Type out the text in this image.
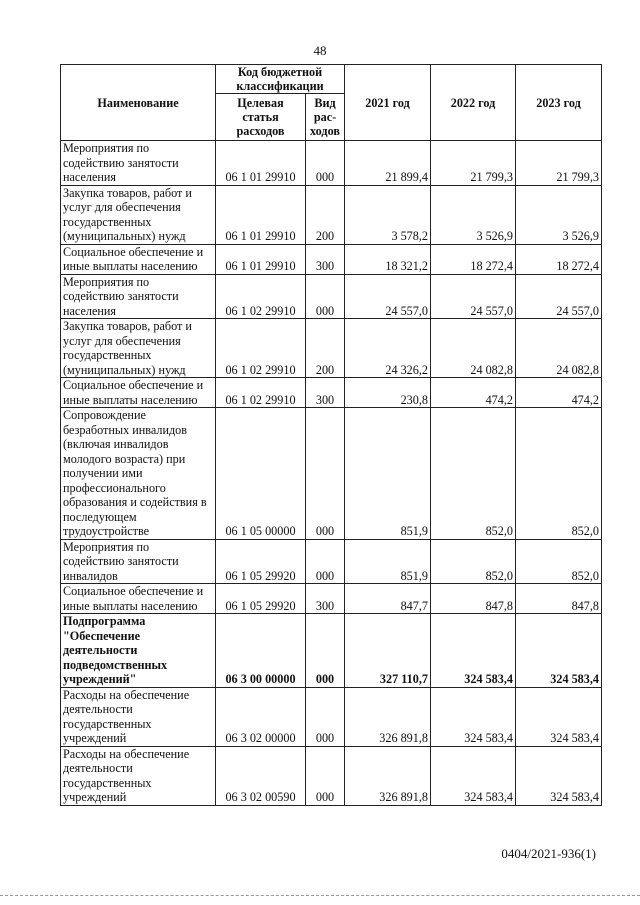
48
Наименование	Код бюджетной классификации		2021 год	2022 год	2023 год
	Целевая статья расходов	Вид рас-ходов			
Мероприятия по содействию занятости населения	06 1 01 29910	000	21 899,4	21 799,3	21 799,3
Закупка товаров, работ и услуг для обеспечения государственных (муниципальных) нужд	06 1 01 29910	200	3 578,2	3 526,9	3 526,9
Социальное обеспечение и иные выплаты населению	06 1 01 29910	300	18 321,2	18 272,4	18 272,4
Мероприятия по содействию занятости населения	06 1 02 29910	000	24 557,0	24 557,0	24 557,0
Закупка товаров, работ и услуг для обеспечения государственных (муниципальных) нужд	06 1 02 29910	200	24 326,2	24 082,8	24 082,8
Социальное обеспечение и иные выплаты населению	06 1 02 29910	300	230,8	474,2	474,2
Сопровождение безработных инвалидов (включая инвалидов молодого возраста) при получении ими профессионального образования и содействия в последующем трудоустройстве	06 1 05 00000	000	851,9	852,0	852,0
Мероприятия по содействию занятости инвалидов	06 1 05 29920	000	851,9	852,0	852,0
Социальное обеспечение и иные выплаты населению	06 1 05 29920	300	847,7	847,8	847,8
Подпрограмма "Обеспечение деятельности подведомственных учреждений"	06 3 00 00000	000	327 110,7	324 583,4	324 583,4
Расходы на обеспечение деятельности государственных учреждений	06 3 02 00000	000	326 891,8	324 583,4	324 583,4
Расходы на обеспечение деятельности государственных учреждений	06 3 02 00590	000	326 891,8	324 583,4	324 583,4
0404/2021-936(1)
